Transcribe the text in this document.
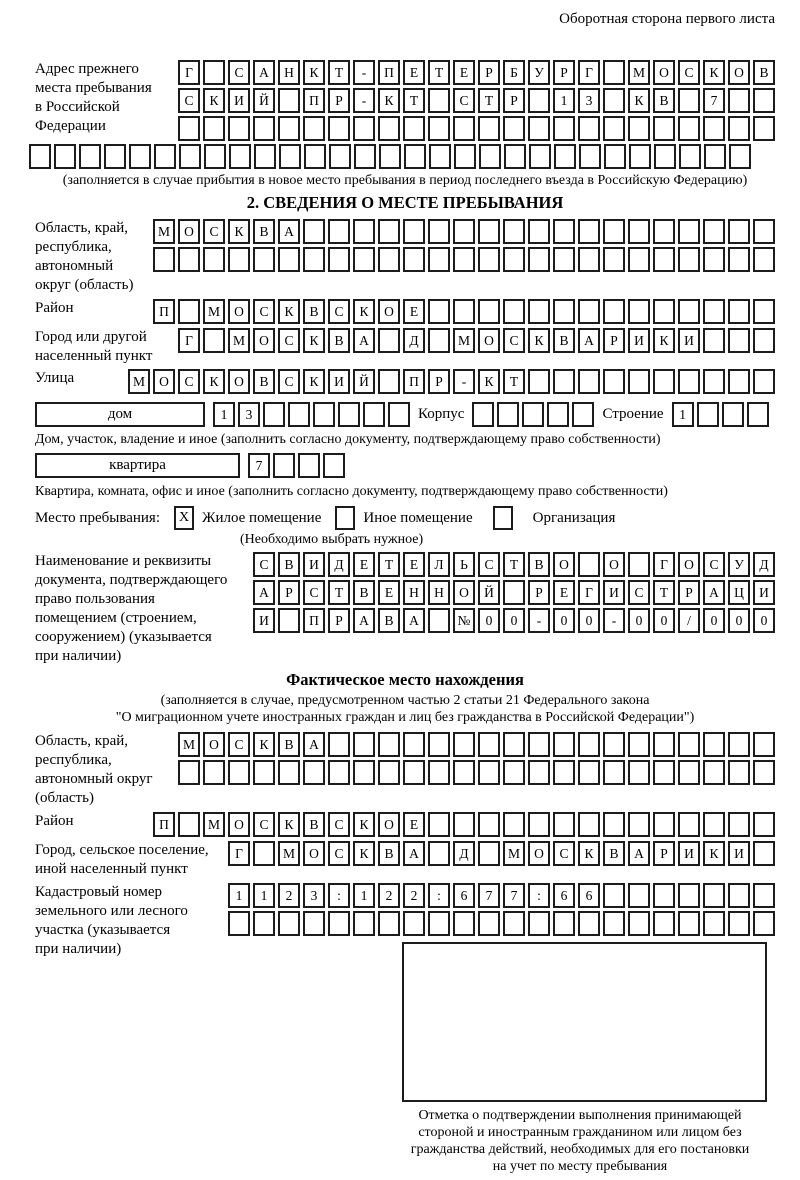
Оборотная сторона первого листа
Адрес прежнего
места пребывания
в Российской
Федерации
Г	С	А	Н	К	Т	-	П	Е	Т	Е	Р	Б	У	Р	Г	М	О	С	К	О	В
С	К	И	Й	П	Р	-	К	Т	С	Т	Р	1	3	К	В	7
(заполняется в случае прибытия в новое место пребывания в период последнего въезда в Российскую Федерацию)
2. СВЕДЕНИЯ О МЕСТЕ ПРЕБЫВАНИЯ
Область, край,
республика,
автономный
округ (область)
М	О	С	К	В	А
Район	П	М	О	С	К	В	С	К	О	Е
Город или другой
населенный пункт
Г	М	О	С	К	В	А	Д	М	О	С	К	В	А	Р	И	К	И
Улица	М	О	С	К	О	В	С	К	И	Й	П	Р	-	К	Т
дом	1	3	Корпус	Строение	1
Дом, участок, владение и иное (заполнить согласно документу, подтверждающему право собственности)
квартира	7
Квартира, комната, офис и иное (заполнить согласно документу, подтверждающему право собственности)
Место пребывания:	X Жилое помещение	Иное помещение	Организация
(Необходимо выбрать нужное)
Наименование и реквизиты
документа, подтверждающего
право пользования
помещением (строением,
сооружением) (указывается
при наличии)
С	В	И	Д	Е	Т	Е	Л	Ь	С	Т	В	О	О	Г	О	С	У	Д
А	Р	С	Т	В	Е	Н	Н	О	Й	Р	Е	Г	И	С	Т	Р	А	Ц	И
И	П	Р	А	В	А	№	0	0	-	0	0	-	0	0	/	0	0	0
Фактическое место нахождения
(заполняется в случае, предусмотренном частью 2 статьи 21 Федерального закона
"О миграционном учете иностранных граждан и лиц без гражданства в Российской Федерации")
Область, край,
республика,
автономный округ
(область)
М	О	С	К	В	А
Район	П	М	О	С	К	В	С	К	О	Е
Город, сельское поселение,
иной населенный пункт
Г	М	О	С	К	В	А	Д	М	О	С	К	В	А	Р	И	К	И
Кадастровый номер
земельного или лесного
участка (указывается
при наличии)
1	1	2	3	:	1	2	2	:	6	7	7	:	6	6
Отметка о подтверждении выполнения принимающей
стороной и иностранным гражданином или лицом без
гражданства действий, необходимых для его постановки
на учет по месту пребывания
